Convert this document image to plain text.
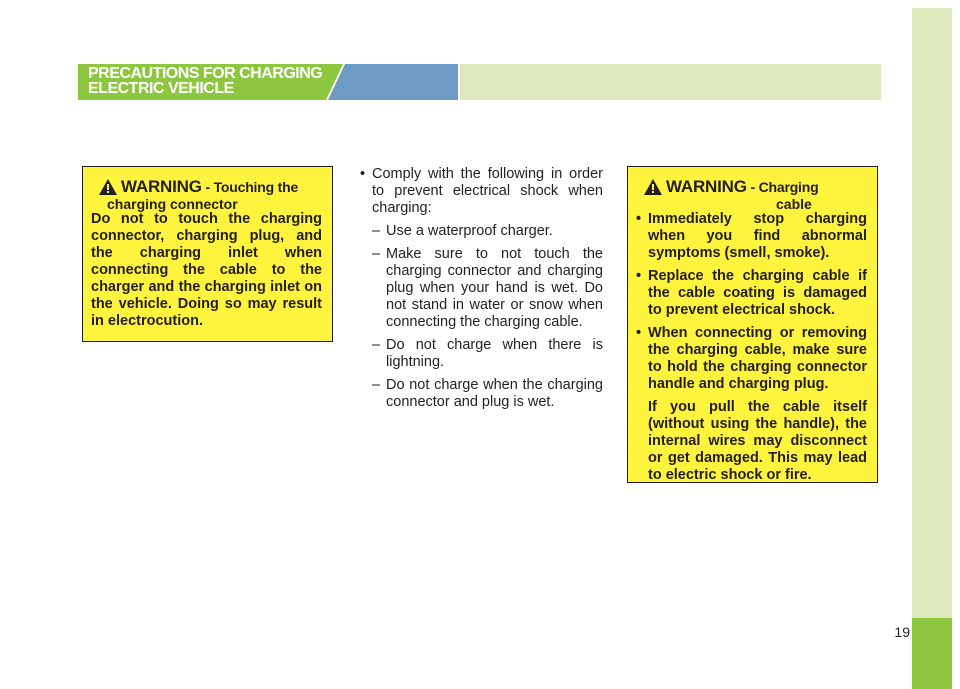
19
PRECAUTIONS FOR CHARGING
ELECTRIC VEHICLE
WARNING - Touching the
charging connector

Do not to touch the charging connector, charging plug, and the charging inlet when connecting the cable to the charger and the charging inlet on the vehicle. Doing so may result in electrocution.

• Comply with the following in order to prevent electrical shock when charging:

– Use a waterproof charger.

– Make sure to not touch the charging connector and charging plug when your hand is wet. Do not stand in water or snow when connecting the charging cable.

– Do not charge when there is lightning.

– Do not charge when the charging connector and plug is wet.

WARNING - Charging
cable
• Immediately stop charging when you find abnormal symptoms (smell, smoke).
• Replace the charging cable if the cable coating is damaged to prevent electrical shock.
• When connecting or removing the charging cable, make sure to hold the charging connector handle and charging plug.
If you pull the cable itself (without using the handle), the internal wires may disconnect or get damaged. This may lead to electric shock or fire.
